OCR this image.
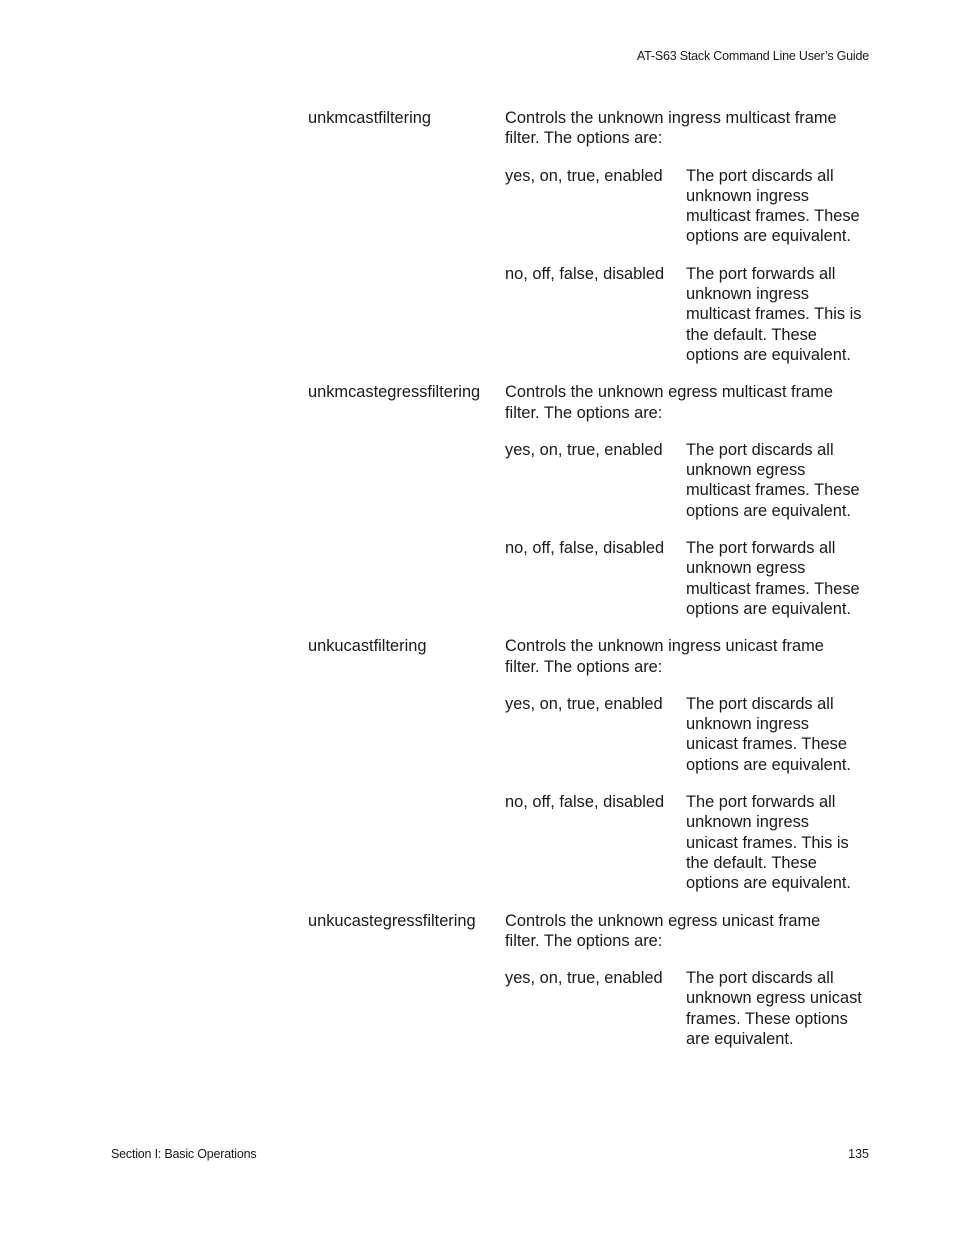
AT-S63 Stack Command Line User’s Guide
unkmcastfiltering	Controls the unknown ingress multicast frame
filter. The options are:
yes, on, true, enabled	The port discards all
unknown ingress
multicast frames. These
options are equivalent.
no, off, false, disabled	The port forwards all
unknown ingress
multicast frames. This is
the default. These
options are equivalent.
unkmcastegressfiltering	Controls the unknown egress multicast frame
filter. The options are:
yes, on, true, enabled	The port discards all
unknown egress
multicast frames. These
options are equivalent.
no, off, false, disabled	The port forwards all
unknown egress
multicast frames. These
options are equivalent.
unkucastfiltering	Controls the unknown ingress unicast frame
filter. The options are:
yes, on, true, enabled	The port discards all
unknown ingress
unicast frames. These
options are equivalent.
no, off, false, disabled	The port forwards all
unknown ingress
unicast frames. This is
the default. These
options are equivalent.
unkucastegressfiltering	Controls the unknown egress unicast frame
filter. The options are:
yes, on, true, enabled	The port discards all
unknown egress unicast
frames. These options
are equivalent.
Section I: Basic Operations	135
